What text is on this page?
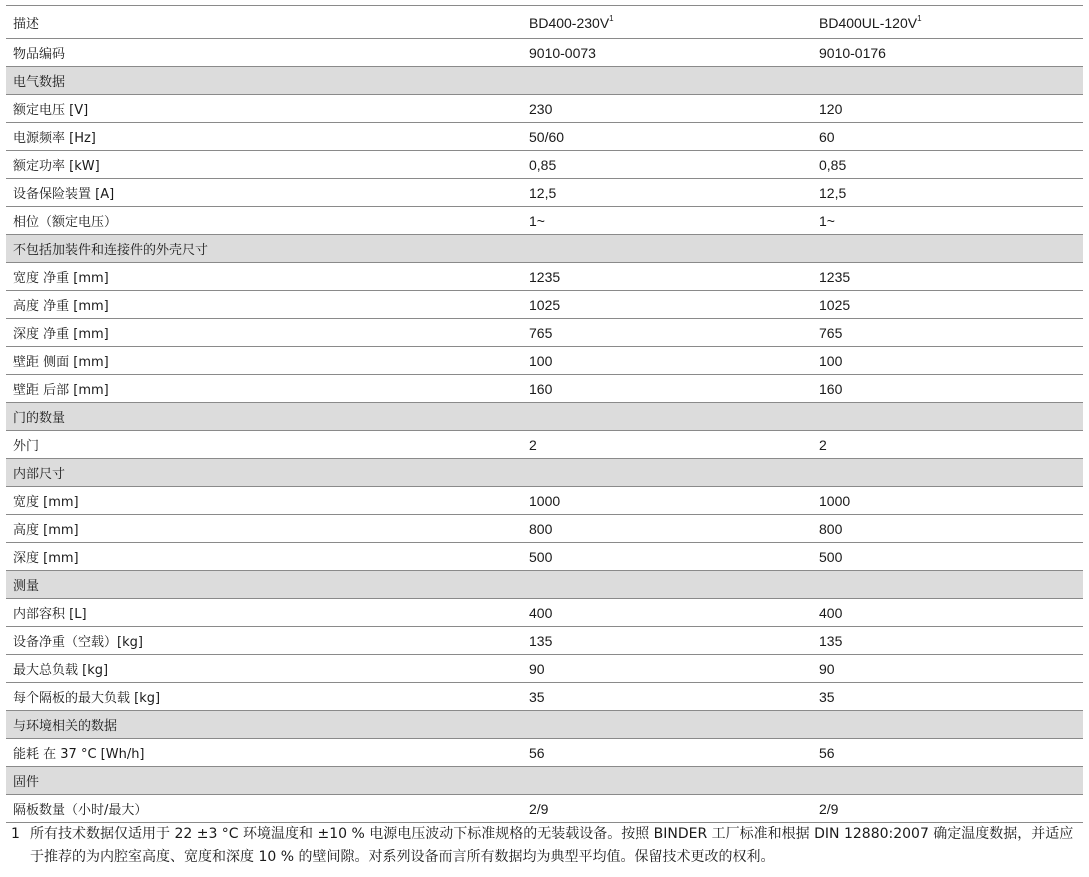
描述	$BD400-230V^1$	$BD400UL-120V^1$
物品编码	9010-0073	9010-0176
电气数据		
额定电压 [V]	230	120
电源频率 [Hz]	50/60	60
额定功率 [kW]	0,85	0,85
设备保险装置 [A]	12,5	12,5
相位（额定电压）	1~	1~
不包括加装件和连接件的外壳尺寸		
宽度 净重 [mm]	1235	1235
高度 净重 [mm]	1025	1025
深度 净重 [mm]	765	765
壁距 侧面 [mm]	100	100
壁距 后部 [mm]	160	160
门的数量		
外门	2	2
内部尺寸		
宽度 [mm]	1000	1000
高度 [mm]	800	800
深度 [mm]	500	500
测量		
内部容积 [L]	400	400
设备净重（空载）[kg]	135	135
最大总负载 [kg]	90	90
每个隔板的最大负载 [kg]	35	35
与环境相关的数据		
能耗 在 37 °C [Wh/h]	56	56
固件		
隔板数量（小时/最大）	2/9	2/9
1 所有技术数据仅适用于 22 ±3 °C 环境温度和 ±10 % 电源电压波动下标准规格的无装载设备。按照 BINDER 工厂标准和根据 DIN 12880:2007 确定温度数据，并适应于推荐的为内腔室高度、宽度和深度 10 % 的壁间隙。对系列设备而言所有数据均为典型平均值。保留技术更改的权利。
